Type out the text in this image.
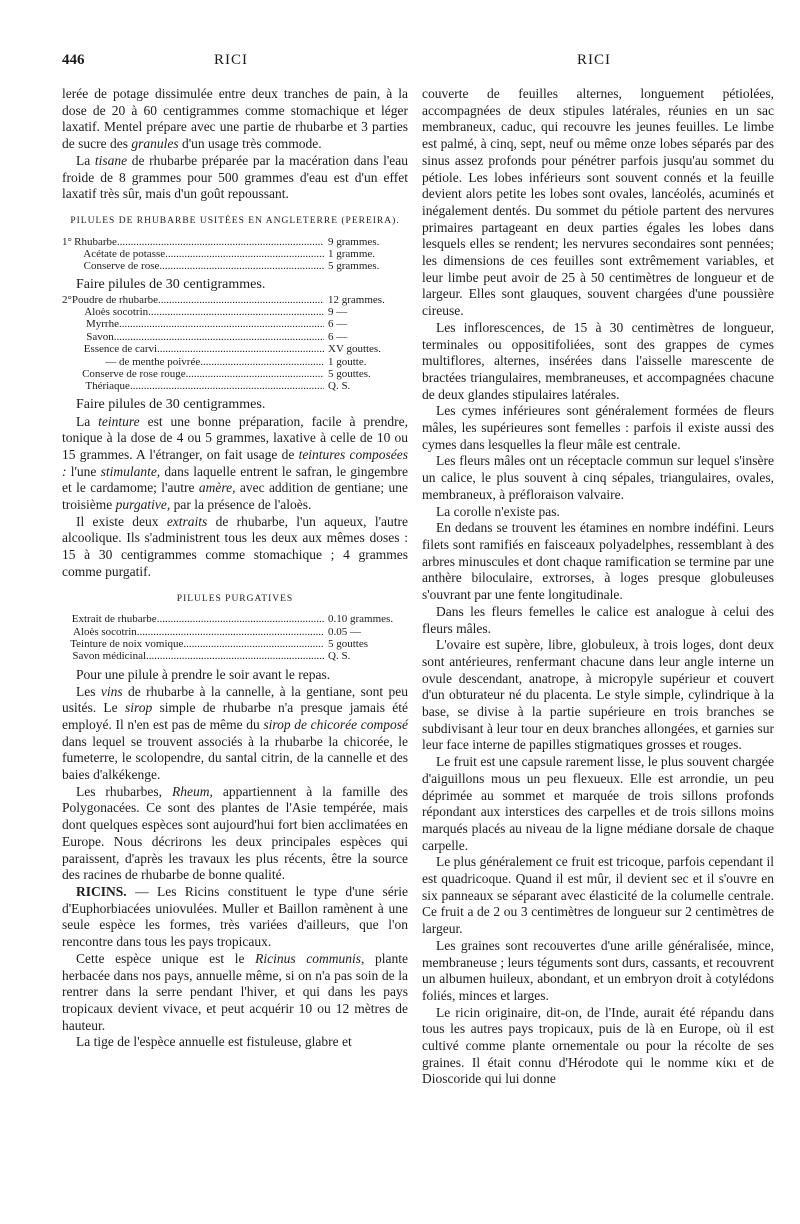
446	RICI	RICI

lerée de potage dissimulée entre deux tranches de pain, à la dose de 20 à 60 centigrammes comme stomachique et léger laxatif. Mentel prépare avec une partie de rhubarbe et 3 parties de sucre des granules d'un usage très commode.

La tisane de rhubarbe préparée par la macération dans l'eau froide de 8 grammes pour 500 grammes d'eau est d'un effet laxatif très sûr, mais d'un goût repoussant.

PILULES DE RHUBARBE USITÉES EN ANGLETERRE (PEREIRA).
1° Rhubarbe .....	9 grammes.
Acétate de potasse .....	1 gramme.
Conserve de rose .....	5 grammes.

Faire pilules de 30 centigrammes.

2° Poudre de rhubarbe .....	12 grammes.
Aloès socotrin .....	9 —
Myrrhe .....	6 —
Savon .....	6 —
Essence de carvi .....	XV gouttes.
— de menthe poivrée .....	1 goutte.
Conserve de rose rouge .....	5 gouttes.
Thériaque .....	Q. S.

Faire pilules de 30 centigrammes.

La teinture est une bonne préparation, facile à prendre, tonique à la dose de 4 ou 5 grammes, laxative à celle de 10 ou 15 grammes. A l'étranger, on fait usage de teintures composées : l'une stimulante, dans laquelle entrent le safran, le gingembre et le cardamome; l'autre amère, avec addition de gentiane; une troisième purgative, par la présence de l'aloès.

Il existe deux extraits de rhubarbe, l'un aqueux, l'autre alcoolique. Ils s'administrent tous les deux aux mêmes doses : 15 à 30 centigrammes comme stomachique ; 4 grammes comme purgatif.

PILULES PURGATIVES
Extrait de rhubarbe .....	0.10 grammes.
Aloès socotrin .....	0.05 —
Teinture de noix vomique .....	5 gouttes
Savon médicinal .....	Q. S.

Pour une pilule à prendre le soir avant le repas.

Les vins de rhubarbe à la cannelle, à la gentiane, sont peu usités. Le sirop simple de rhubarbe n'a presque jamais été employé. Il n'en est pas de même du sirop de chicorée composé dans lequel se trouvent associés à la rhubarbe la chicorée, le fumeterre, le scolopendre, du santal citrin, de la cannelle et des baies d'alkékenge.

Les rhubarbes, Rheum, appartiennent à la famille des Polygonacées. Ce sont des plantes de l'Asie tempérée, mais dont quelques espèces sont aujourd'hui fort bien acclimatées en Europe. Nous décrirons les deux principales espèces qui paraissent, d'après les travaux les plus récents, être la source des racines de rhubarbe de bonne qualité.

RICINS. — Les Ricins constituent le type d'une série d'Euphorbiacées uniovulées. Muller et Baillon ramènent à une seule espèce les formes, très variées d'ailleurs, que l'on rencontre dans tous les pays tropicaux.

Cette espèce unique est le Ricinus communis, plante herbacée dans nos pays, annuelle même, si on n'a pas soin de la rentrer dans la serre pendant l'hiver, et qui dans les pays tropicaux devient vivace, et peut acquérir 10 ou 12 mètres de hauteur.

La tige de l'espèce annuelle est fistuleuse, glabre et

couverte de feuilles alternes, longuement pétiolées, accompagnées de deux stipules latérales, réunies en un sac membraneux, caduc, qui recouvre les jeunes feuilles. Le limbe est palmé, à cinq, sept, neuf ou même onze lobes séparés par des sinus assez profonds pour pénétrer parfois jusqu'au sommet du pétiole. Les lobes inférieurs sont souvent connés et la feuille devient alors petite les lobes sont ovales, lancéolés, acuminés et inégalement dentés. Du sommet du pétiole partent des nervures primaires partageant en deux parties égales les lobes dans lesquels elles se rendent; les nervures secondaires sont pennées; les dimensions de ces feuilles sont extrêmement variables, et leur limbe peut avoir de 25 à 50 centimètres de longueur et de largeur. Elles sont glauques, souvent chargées d'une poussière cireuse.

Les inflorescences, de 15 à 30 centimètres de longueur, terminales ou oppositifoliées, sont des grappes de cymes multiflores, alternes, insérées dans l'aisselle marescente de bractées triangulaires, membraneuses, et accompagnées chacune de deux glandes stipulaires latérales.

Les cymes inférieures sont généralement formées de fleurs mâles, les supérieures sont femelles : parfois il existe aussi des cymes dans lesquelles la fleur mâle est centrale.

Les fleurs mâles ont un réceptacle commun sur lequel s'insère un calice, le plus souvent à cinq sépales, triangulaires, ovales, membraneux, à préfloraison valvaire.

La corolle n'existe pas.

En dedans se trouvent les étamines en nombre indéfini. Leurs filets sont ramifiés en faisceaux polyadelphes, ressemblant à des arbres minuscules et dont chaque ramification se termine par une anthère biloculaire, extrorses, à loges presque globuleuses s'ouvrant par une fente longitudinale.

Dans les fleurs femelles le calice est analogue à celui des fleurs mâles.

L'ovaire est supère, libre, globuleux, à trois loges, dont deux sont antérieures, renfermant chacune dans leur angle interne un ovule descendant, anatrope, à micropyle supérieur et couvert d'un obturateur né du placenta. Le style simple, cylindrique à la base, se divise à la partie supérieure en trois branches se subdivisant à leur tour en deux branches allongées, et garnies sur leur face interne de papilles stigmatiques grosses et rouges.

Le fruit est une capsule rarement lisse, le plus souvent chargée d'aiguillons mous un peu flexueux. Elle est arrondie, un peu déprimée au sommet et marquée de trois sillons profonds répondant aux interstices des carpelles et de trois sillons moins marqués placés au niveau de la ligne médiane dorsale de chaque carpelle.

Le plus généralement ce fruit est tricoque, parfois cependant il est quadricoque. Quand il est mûr, il devient sec et il s'ouvre en six panneaux se séparant avec élasticité de la columelle centrale. Ce fruit a de 2 ou 3 centimètres de longueur sur 2 centimètres de largeur.

Les graines sont recouvertes d'une arille généralisée, mince, membraneuse ; leurs téguments sont durs, cassants, et recouvrent un albumen huileux, abondant, et un embryon droit à cotylédons foliés, minces et larges.

Le ricin originaire, dit-on, de l'Inde, aurait été répandu dans tous les autres pays tropicaux, puis de là en Europe, où il est cultivé comme plante ornementale ou pour la récolte de ses graines. Il était connu d'Hérodote qui le nomme κίκι et de Dioscoride qui lui donne
